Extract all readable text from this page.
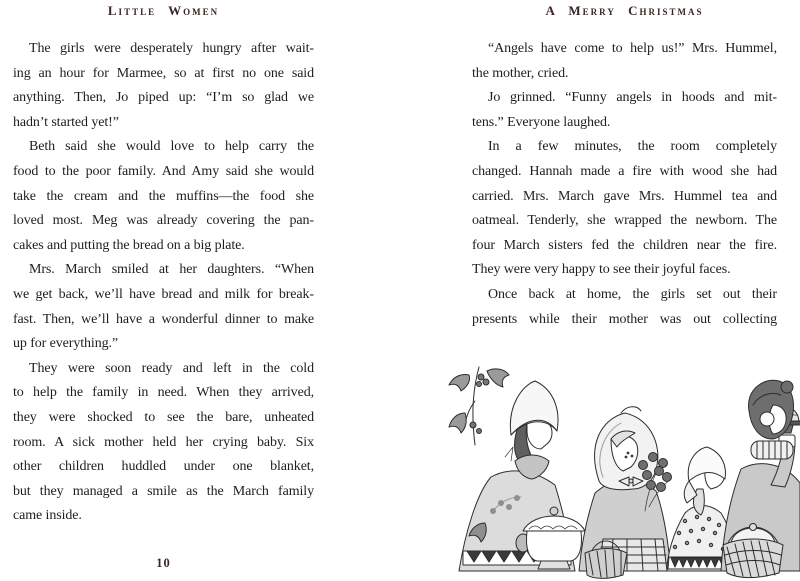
Little Women
The girls were desperately hungry after wait-
ing an hour for Marmee, so at first no one said
anything. Then, Jo piped up: “I’m so glad we
hadn’t started yet!”
Beth said she would love to help carry the
food to the poor family. And Amy said she would
take the cream and the muffins—the food she
loved most. Meg was already covering the pan-
cakes and putting the bread on a big plate.
Mrs. March smiled at her daughters. “When
we get back, we’ll have bread and milk for break-
fast. Then, we’ll have a wonderful dinner to make
up for everything.”
They were soon ready and left in the cold
to help the family in need. When they arrived,
they were shocked to see the bare, unheated
room. A sick mother held her crying baby. Six
other children huddled under one blanket,
but they managed a smile as the March family
came inside.
10
A Merry Christmas
“Angels have come to help us!” Mrs. Hummel,
the mother, cried.
Jo grinned. “Funny angels in hoods and mit-
tens.” Everyone laughed.
In a few minutes, the room completely
changed. Hannah made a fire with wood she had
carried. Mrs. March gave Mrs. Hummel tea and
oatmeal. Tenderly, she wrapped the newborn. The
four March sisters fed the children near the fire.
They were very happy to see their joyful faces.
Once back at home, the girls set out their
presents while their mother was out collecting
